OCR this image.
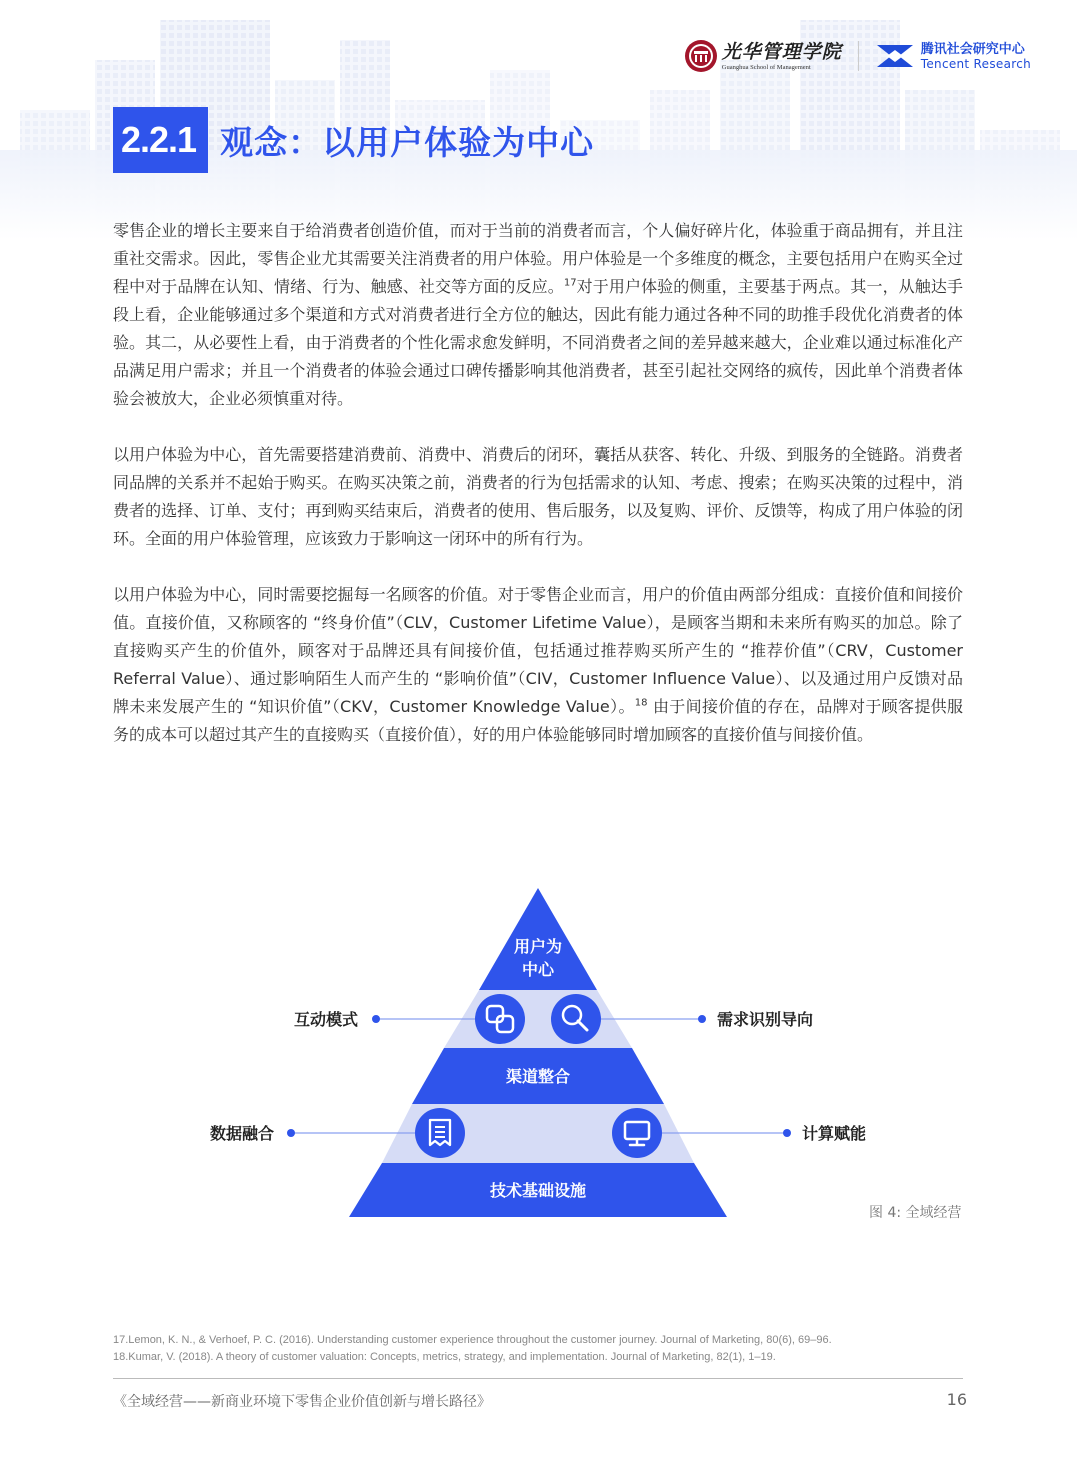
光华管理学院
Guanghua School of Management
腾讯社会研究中心
Tencent Research
2.2.1 观念：以用户体验为中心

零售企业的增长主要来自于给消费者创造价值，而对于当前的消费者而言，个人偏好碎片化，体验重于商品拥有，并且注重社交需求。因此，零售企业尤其需要关注消费者的用户体验。用户体验是一个多维度的概念，主要包括用户在购买全过程中对于品牌在认知、情绪、行为、触感、社交等方面的反应。$^{17}$对于用户体验的侧重，主要基于两点。其一，从触达手段上看，企业能够通过多个渠道和方式对消费者进行全方位的触达，因此有能力通过各种不同的助推手段优化消费者的体验。其二，从必要性上看，由于消费者的个性化需求愈发鲜明，不同消费者之间的差异越来越大，企业难以通过标准化产品满足用户需求；并且一个消费者的体验会通过口碑传播影响其他消费者，甚至引起社交网络的疯传，因此单个消费者体验会被放大，企业必须慎重对待。

以用户体验为中心，首先需要搭建消费前、消费中、消费后的闭环，囊括从获客、转化、升级、到服务的全链路。消费者同品牌的关系并不起始于购买。在购买决策之前，消费者的行为包括需求的认知、考虑、搜索；在购买决策的过程中，消费者的选择、订单、支付；再到购买结束后，消费者的使用、售后服务，以及复购、评价、反馈等，构成了用户体验的闭环。全面的用户体验管理，应该致力于影响这一闭环中的所有行为。

以用户体验为中心，同时需要挖掘每一名顾客的价值。对于零售企业而言，用户的价值由两部分组成：直接价值和间接价值。直接价值，又称顾客的 “终身价值”（CLV，Customer Lifetime Value），是顾客当期和未来所有购买的加总。除了直接购买产生的价值外，顾客对于品牌还具有间接价值，包括通过推荐购买所产生的 “推荐价值”（CRV，Customer Referral Value）、通过影响陌生人而产生的 “影响价值”（CIV，Customer Influence Value）、以及通过用户反馈对品牌未来发展产生的 “知识价值”（CKV，Customer Knowledge Value）。$^{18}$ 由于间接价值的存在，品牌对于顾客提供服务的成本可以超过其产生的直接购买（直接价值），好的用户体验能够同时增加顾客的直接价值与间接价值。

用户为
中心
渠道整合
技术基础设施
互动模式	需求识别导向
数据融合	计算赋能
图 4: 全域经营
17.Lemon, K. N., & Verhoef, P. C. (2016). Understanding customer experience throughout the customer journey. Journal of Marketing, 80(6), 69–96.
18.Kumar, V. (2018). A theory of customer valuation: Concepts, metrics, strategy, and implementation. Journal of Marketing, 82(1), 1–19.
《全域经营——新商业环境下零售企业价值创新与增长路径》	16
